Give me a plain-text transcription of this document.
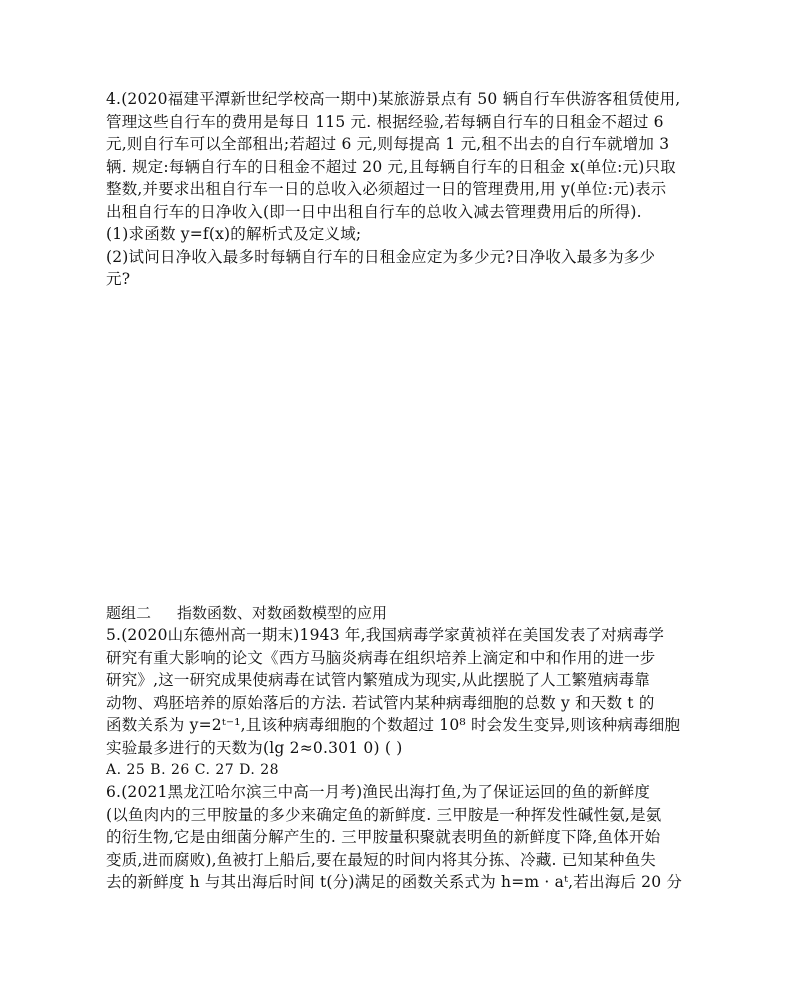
4.(2020福建平潭新世纪学校高一期中)某旅游景点有 50 辆自行车供游客租赁使用,
管理这些自行车的费用是每日 115 元. 根据经验,若每辆自行车的日租金不超过 6
元,则自行车可以全部租出;若超过 6 元,则每提高 1 元,租不出去的自行车就增加 3
辆. 规定:每辆自行车的日租金不超过 20 元,且每辆自行车的日租金 x(单位:元)只取
整数,并要求出租自行车一日的总收入必须超过一日的管理费用,用 y(单位:元)表示
出租自行车的日净收入(即一日中出租自行车的总收入减去管理费用后的所得).
(1)求函数 y=f(x)的解析式及定义域;
(2)试问日净收入最多时每辆自行车的日租金应定为多少元?日净收入最多为多少
元?
题组二 指数函数、对数函数模型的应用
5.(2020山东德州高一期末)1943 年,我国病毒学家黄祯祥在美国发表了对病毒学
研究有重大影响的论文《西方马脑炎病毒在组织培养上滴定和中和作用的进一步
研究》,这一研究成果使病毒在试管内繁殖成为现实,从此摆脱了人工繁殖病毒靠
动物、鸡胚培养的原始落后的方法. 若试管内某种病毒细胞的总数 y 和天数 t 的
函数关系为 y=2ᵗ⁻¹,且该种病毒细胞的个数超过 10⁸ 时会发生变异,则该种病毒细胞
实验最多进行的天数为(lg 2≈0.301 0) ( )
A. 25 B. 26 C. 27 D. 28
6.(2021黑龙江哈尔滨三中高一月考)渔民出海打鱼,为了保证运回的鱼的新鲜度
(以鱼肉内的三甲胺量的多少来确定鱼的新鲜度. 三甲胺是一种挥发性碱性氨,是氨
的衍生物,它是由细菌分解产生的. 三甲胺量积聚就表明鱼的新鲜度下降,鱼体开始
变质,进而腐败),鱼被打上船后,要在最短的时间内将其分拣、冷藏. 已知某种鱼失
去的新鲜度 h 与其出海后时间 t(分)满足的函数关系式为 h=m · aᵗ,若出海后 20 分
